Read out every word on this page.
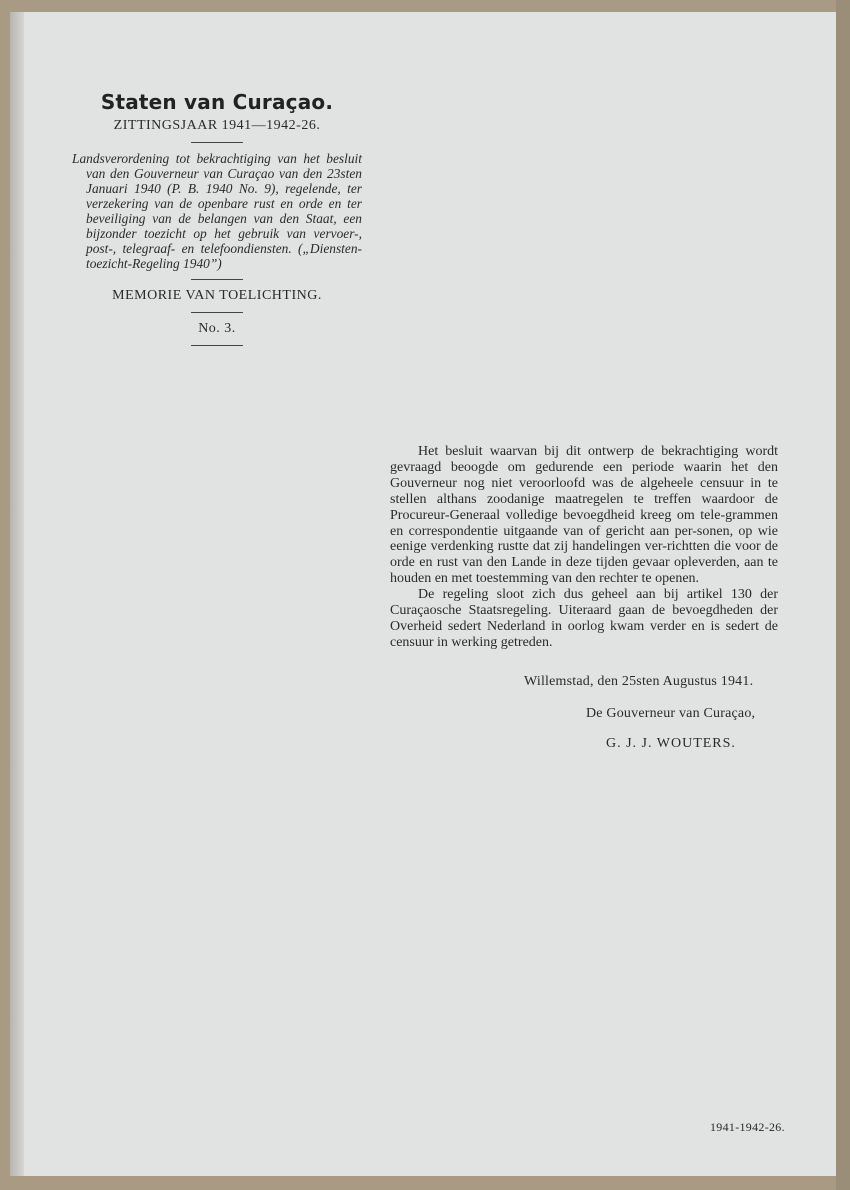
Staten van Curaçao.

ZITTINGSJAAR 1941—1942-26.

Landsverordening tot bekrachtiging van het besluit van den Gouverneur van Curaçao van den 23sten Januari 1940 (P. B. 1940 No. 9), regelende, ter verzekering van de openbare rust en orde en ter beveiliging van de belangen van den Staat, een bijzonder toezicht op het gebruik van vervoer-, post-, telegraaf- en telefoondiensten. („Diensten-toezicht-Regeling 1940”)

MEMORIE VAN TOELICHTING.

No. 3.

Het besluit waarvan bij dit ontwerp de bekrachtiging wordt gevraagd beoogde om gedurende een periode waarin het den Gouverneur nog niet veroorloofd was de algeheele censuur in te stellen althans zoodanige maatregelen te treffen waardoor de Procureur-Generaal volledige bevoegdheid kreeg om tele-grammen en correspondentie uitgaande van of gericht aan per-sonen, op wie eenige verdenking rustte dat zij handelingen ver-richtten die voor de orde en rust van den Lande in deze tijden gevaar opleverden, aan te houden en met toestemming van den rechter te openen.

De regeling sloot zich dus geheel aan bij artikel 130 der Curaçaosche Staatsregeling. Uiteraard gaan de bevoegdheden der Overheid sedert Nederland in oorlog kwam verder en is sedert de censuur in werking getreden.

Willemstad, den 25sten Augustus 1941.
De Gouverneur van Curaçao,
G. J. J. WOUTERS.
1941-1942-26.
